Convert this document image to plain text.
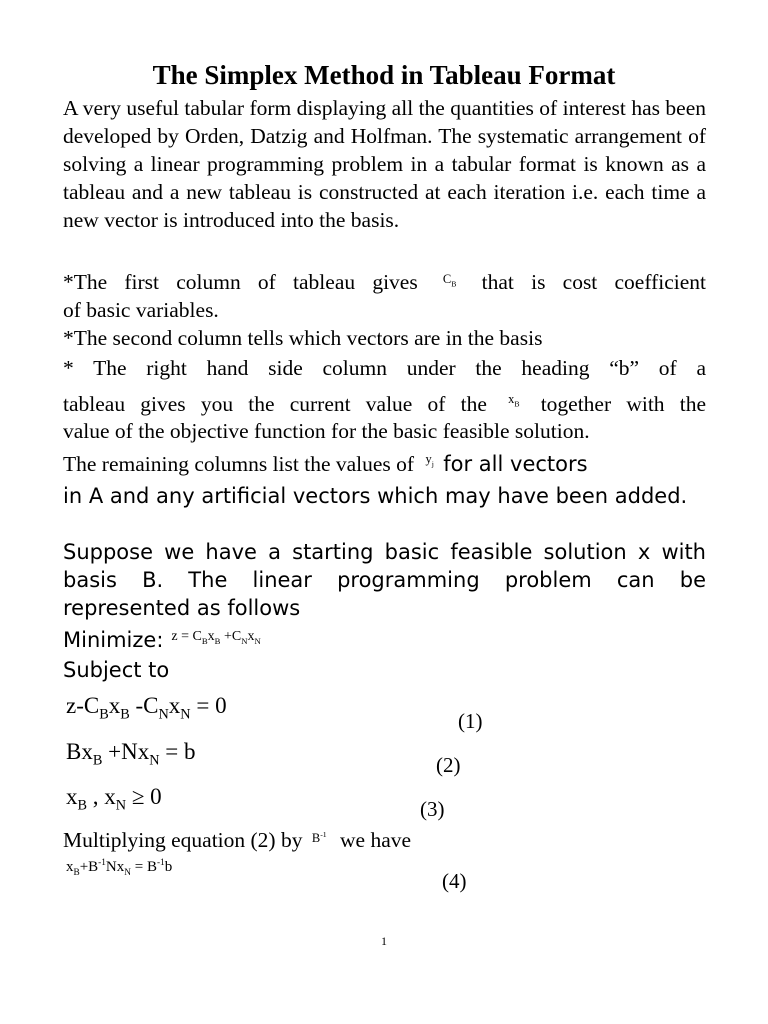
The Simplex Method in Tableau Format
A very useful tabular form displaying all the quantities of interest has been developed by Orden, Datzig and Holfman. The systematic arrangement of solving a linear programming problem in a tabular format is known as a tableau and a new tableau is constructed at each iteration i.e. each time a new vector is introduced into the basis.
*The first column of tableau gives $^{C_B}$ that is cost coefficient
of basic variables.
*The second column tells which vectors are in the basis
* The right hand side column under the heading “b” of a
tableau gives you the current value of the $^{x_B}$ together with the
value of the objective function for the basic feasible solution.
The remaining columns list the values of $^{y_j}$ for all vectors
in A and any artificial vectors which may have been added.
Suppose we have a starting basic feasible solution x with basis B. The linear programming problem can be represented as follows
Minimize: $z = C_Bx_B +C_Nx_N$
Subject to
$z-C_Bx_B$ $-C_Nx_N = 0$
(1)
$Bx_B +Nx_N = b$
(2)
$x_B$ , $x_N \ge 0$	(3)
Multiplying equation (2) by $^{B^{-1}}$ we have
$x_B+B^{-1}Nx_N = B^{-1}b$
(4)
1
